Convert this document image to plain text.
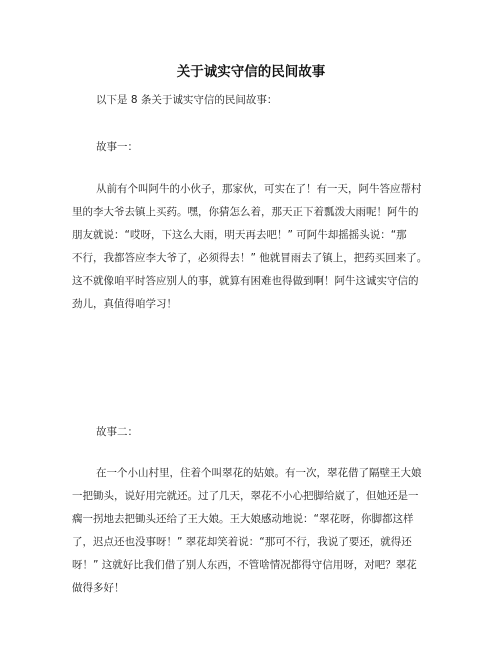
关于诚实守信的民间故事

以下是 8 条关于诚实守信的民间故事：

故事一：

从前有个叫阿牛的小伙子，那家伙，可实在了！有一天，阿牛答应帮村
里的李大爷去镇上买药。嘿，你猜怎么着，那天正下着瓢泼大雨呢！阿牛的
朋友就说：“哎呀，下这么大雨，明天再去吧！” 可阿牛却摇摇头说：“那
不行，我都答应李大爷了，必须得去！” 他就冒雨去了镇上，把药买回来了。
这不就像咱平时答应别人的事，就算有困难也得做到啊！阿牛这诚实守信的
劲儿，真值得咱学习！

故事二：

在一个小山村里，住着个叫翠花的姑娘。有一次，翠花借了隔壁王大娘
一把锄头，说好用完就还。过了几天，翠花不小心把脚给崴了，但她还是一
瘸一拐地去把锄头还给了王大娘。王大娘感动地说：“翠花呀，你脚都这样
了，迟点还也没事呀！” 翠花却笑着说：“那可不行，我说了要还，就得还
呀！” 这就好比我们借了别人东西，不管啥情况都得守信用呀，对吧？翠花
做得多好！
